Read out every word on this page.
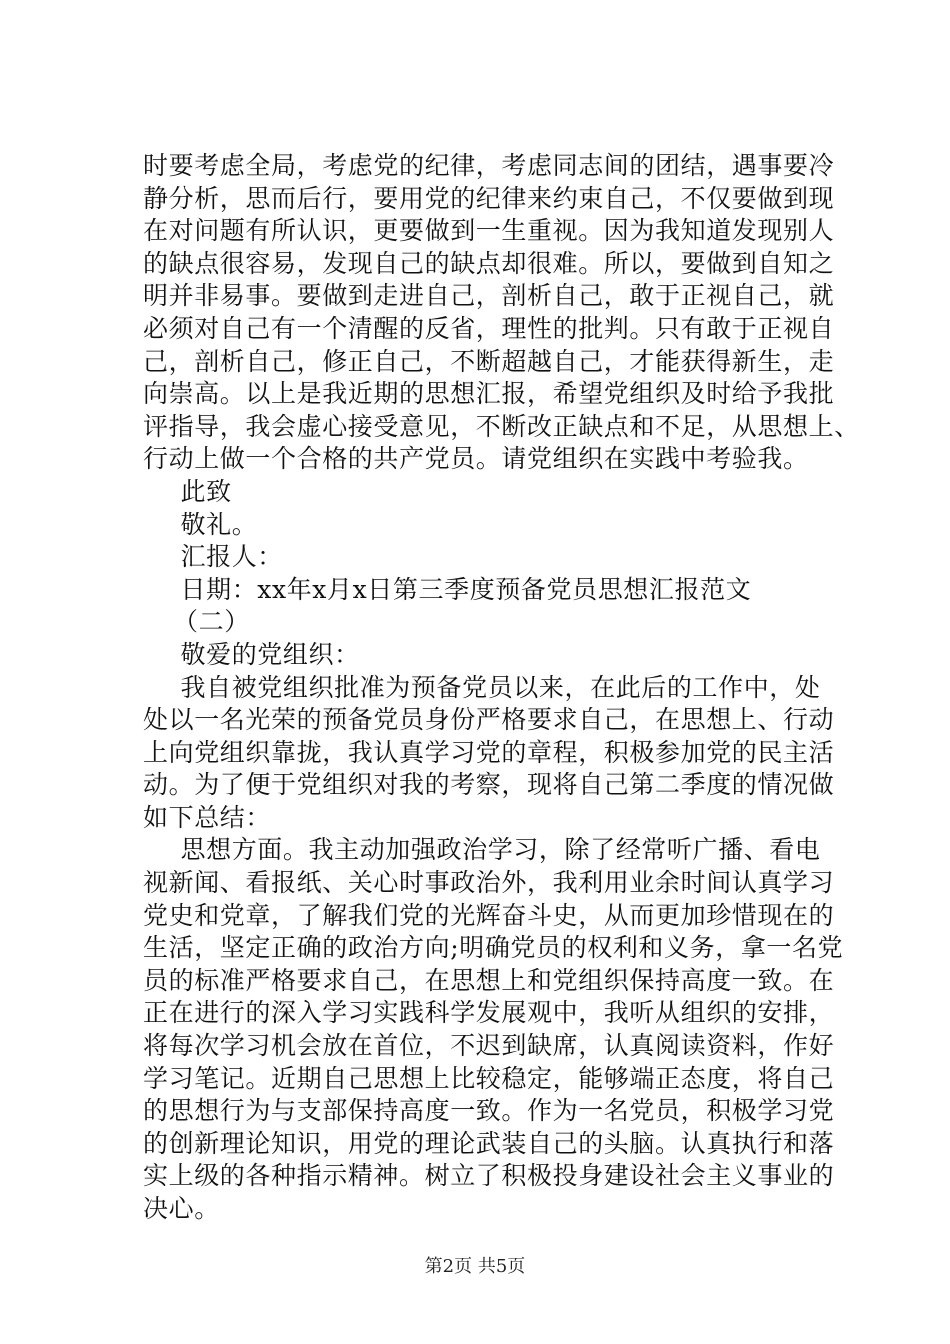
时要考虑全局，考虑党的纪律，考虑同志间的团结，遇事要冷
静分析，思而后行，要用党的纪律来约束自己，不仅要做到现
在对问题有所认识，更要做到一生重视。因为我知道发现别人
的缺点很容易，发现自己的缺点却很难。所以，要做到自知之
明并非易事。要做到走进自己，剖析自己，敢于正视自己，就
必须对自己有一个清醒的反省，理性的批判。只有敢于正视自
己，剖析自己，修正自己，不断超越自己，才能获得新生，走
向崇高。以上是我近期的思想汇报，希望党组织及时给予我批
评指导，我会虚心接受意见，不断改正缺点和不足，从思想上、
行动上做一个合格的共产党员。请党组织在实践中考验我。
此致
敬礼。
汇报人：
日期：xx年x月x日第三季度预备党员思想汇报范文
（二）
敬爱的党组织：
我自被党组织批准为预备党员以来，在此后的工作中，处
处以一名光荣的预备党员身份严格要求自己，在思想上、行动
上向党组织靠拢，我认真学习党的章程，积极参加党的民主活
动。为了便于党组织对我的考察，现将自己第二季度的情况做
如下总结：
思想方面。我主动加强政治学习，除了经常听广播、看电
视新闻、看报纸、关心时事政治外，我利用业余时间认真学习
党史和党章，了解我们党的光辉奋斗史，从而更加珍惜现在的
生活，坚定正确的政治方向;明确党员的权利和义务，拿一名党
员的标准严格要求自己，在思想上和党组织保持高度一致。在
正在进行的深入学习实践科学发展观中，我听从组织的安排，
将每次学习机会放在首位，不迟到缺席，认真阅读资料，作好
学习笔记。近期自己思想上比较稳定，能够端正态度，将自己
的思想行为与支部保持高度一致。作为一名党员，积极学习党
的创新理论知识，用党的理论武装自己的头脑。认真执行和落
实上级的各种指示精神。树立了积极投身建设社会主义事业的
决心。
第2页 共5页
